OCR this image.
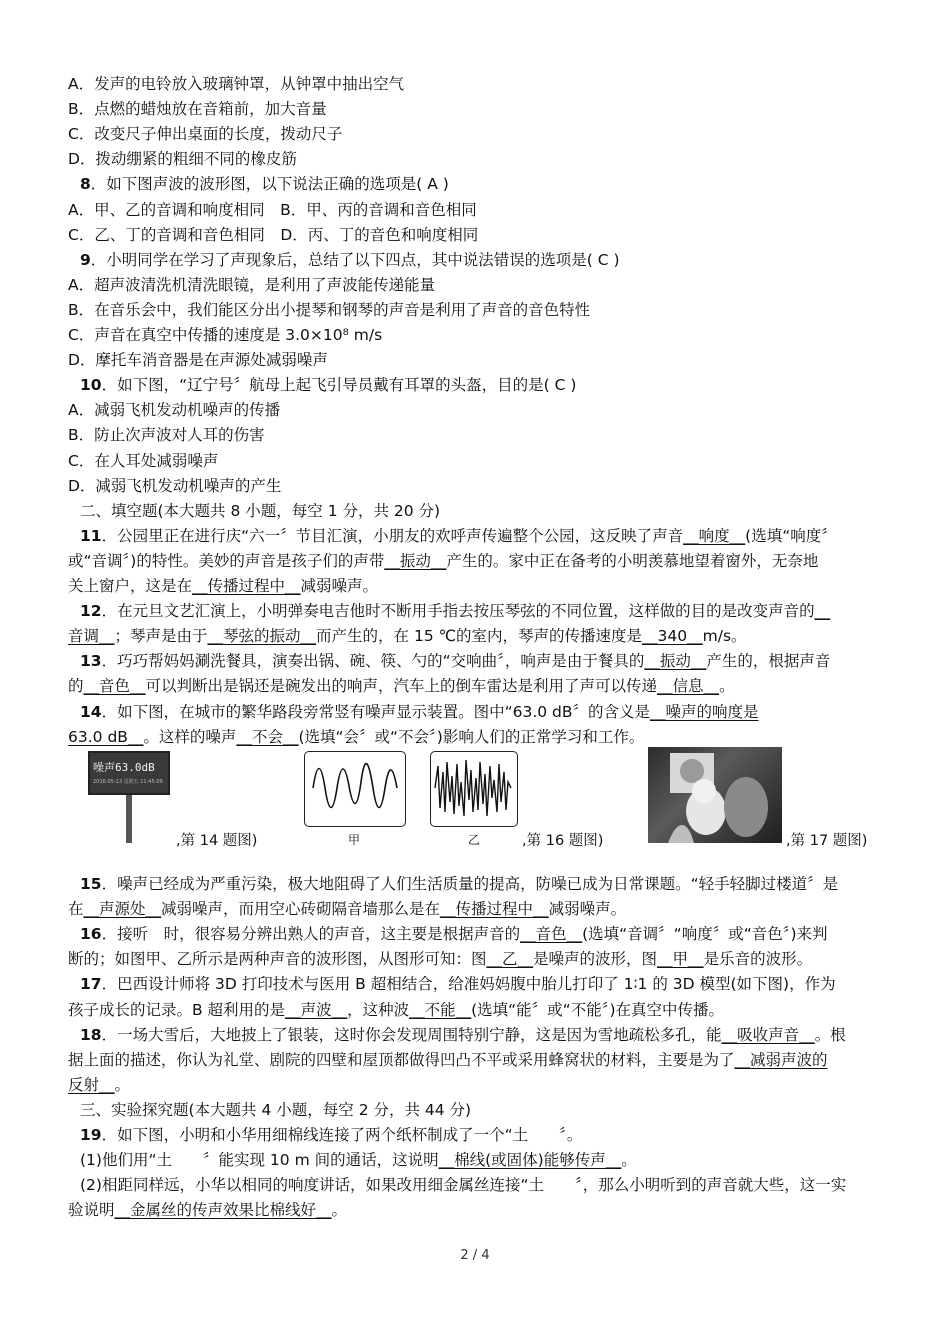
A．发声的电铃放入玻璃钟罩，从钟罩中抽出空气
B．点燃的蜡烛放在音箱前，加大音量
C．改变尺子伸出桌面的长度，拨动尺子
D．拨动绷紧的粗细不同的橡皮筋
8．如下图声波的波形图，以下说法正确的选项是( A )
A．甲、乙的音调和响度相同　B．甲、丙的音调和音色相同
C．乙、丁的音调和音色相同　D．丙、丁的音色和响度相同
9．小明同学在学习了声现象后，总结了以下四点，其中说法错误的选项是( C )
A．超声波清洗机清洗眼镜，是利用了声波能传递能量
B．在音乐会中，我们能区分出小提琴和钢琴的声音是利用了声音的音色特性
C．声音在真空中传播的速度是 3.0×10⁸ m/s
D．摩托车消音器是在声源处减弱噪声
10．如下图，“辽宁号〞航母上起飞引导员戴有耳罩的头盔，目的是( C )
A．减弱飞机发动机噪声的传播
B．防止次声波对人耳的伤害
C．在人耳处减弱噪声
D．减弱飞机发动机噪声的产生
二、填空题(本大题共 8 小题，每空 1 分，共 20 分)
11．公园里正在进行庆“六一〞节目汇演，小朋友的欢呼声传遍整个公园，这反映了声音__响度__(选填“响度〞
或“音调〞)的特性。美妙的声音是孩子们的声带__振动__产生的。家中正在备考的小明羡慕地望着窗外，无奈地
关上窗户，这是在__传播过程中__减弱噪声。
12．在元旦文艺汇演上，小明弹奏电吉他时不断用手指去按压琴弦的不同位置，这样做的目的是改变声音的__
音调__；琴声是由于__琴弦的振动__而产生的，在 15 ℃的室内，琴声的传播速度是__340__m/s。
13．巧巧帮妈妈涮洗餐具，演奏出锅、碗、筷、勺的“交响曲〞，响声是由于餐具的__振动__产生的，根据声音
的__音色__可以判断出是锅还是碗发出的响声，汽车上的倒车雷达是利用了声可以传递__信息__。
14．如下图，在城市的繁华路段旁常竖有噪声显示装置。图中“63.0 dB〞的含义是__噪声的响度是
63.0 dB__。这样的噪声__不会__(选填“会〞或“不会〞)影响人们的正常学习和工作。
15．噪声已经成为严重污染，极大地阻碍了人们生活质量的提高，防噪已成为日常课题。“轻手轻脚过楼道〞是
在__声源处__减弱噪声，而用空心砖砌隔音墙那么是在__传播过程中__减弱噪声。
16．接听　时，很容易分辨出熟人的声音，这主要是根据声音的__音色__(选填“音调〞“响度〞或“音色〞)来判
断的；如图甲、乙所示是两种声音的波形图，从图形可知：图__乙__是噪声的波形，图__甲__是乐音的波形。
17．巴西设计师将 3D 打印技术与医用 B 超相结合，给准妈妈腹中胎儿打印了 1∶1 的 3D 模型(如下图)，作为
孩子成长的记录。B 超利用的是__声波__，这种波__不能__(选填“能〞或“不能〞)在真空中传播。
18．一场大雪后，大地披上了银装，这时你会发现周围特别宁静，这是因为雪地疏松多孔，能__吸收声音__。根
据上面的描述，你认为礼堂、剧院的四壁和屋顶都做得凹凸不平或采用蜂窝状的材料，主要是为了__减弱声波的
反射__。
三、实验探究题(本大题共 4 小题，每空 2 分，共 44 分)
19．如下图，小明和小华用细棉线连接了两个纸杯制成了一个“土　　〞。
(1)他们用“土　　〞能实现 10 m 间的通话，这说明__棉线(或固体)能够传声__。
(2)相距同样远，小华以相同的响度讲话，如果改用细金属丝连接“土　　〞，那么小明听到的声音就大些，这一实
验说明__金属丝的传声效果比棉线好__。
噪声63.0dB
2016-05-13 星期五 11:45:09
,第 14 题图)	甲	乙	,第 16 题图)	,第 17 题图)
2 / 4
